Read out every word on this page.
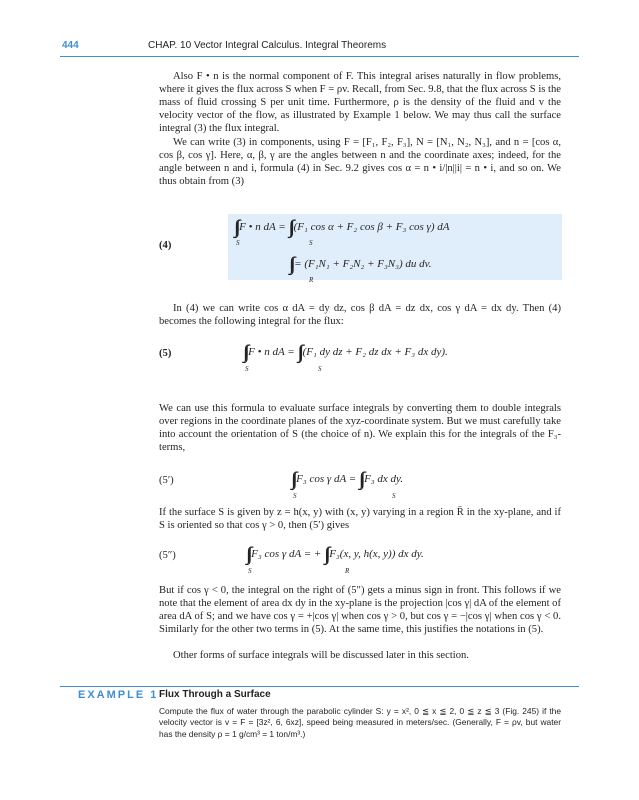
444	CHAP. 10 Vector Integral Calculus. Integral Theorems
Also F • n is the normal component of F. This integral arises naturally in flow problems, where it gives the flux across S when F = ρv. Recall, from Sec. 9.8, that the flux across S is the mass of fluid crossing S per unit time. Furthermore, ρ is the density of the fluid and v the velocity vector of the flow, as illustrated by Example 1 below. We may thus call the surface integral (3) the flux integral.
We can write (3) in components, using F = [F₁, F₂, F₃], N = [N₁, N₂, N₃], and n = [cos α, cos β, cos γ]. Here, α, β, γ are the angles between n and the coordinate axes; indeed, for the angle between n and i, formula (4) in Sec. 9.2 gives cos α = n • i/|n||i| = n • i, and so on. We thus obtain from (3)
(4)
∫∫ F • n dA = ∫∫ (F₁ cos α + F₂ cos β + F₃ cos γ) dA
S	S
∫∫ = (F₁N₁ + F₂N₂ + F₃N₃) du dv.
R
In (4) we can write cos α dA = dy dz, cos β dA = dz dx, cos γ dA = dx dy. Then (4) becomes the following integral for the flux:
(5)	∫∫ F • n dA = ∫∫ (F₁ dy dz + F₂ dz dx + F₃ dx dy).
S	S
We can use this formula to evaluate surface integrals by converting them to double integrals over regions in the coordinate planes of the xyz-coordinate system. But we must carefully take into account the orientation of S (the choice of n). We explain this for the integrals of the F₃-terms,
(5′)	∫∫ F₃ cos γ dA = ∫∫ F₃ dx dy.
S	S
If the surface S is given by z = h(x, y) with (x, y) varying in a region R̄ in the xy-plane, and if S is oriented so that cos γ > 0, then (5′) gives
(5″)	∫∫ F₃ cos γ dA = + ∫∫ F₃(x, y, h(x, y)) dx dy.
S	R
But if cos γ < 0, the integral on the right of (5″) gets a minus sign in front. This follows if we note that the element of area dx dy in the xy-plane is the projection |cos γ| dA of the element of area dA of S; and we have cos γ = +|cos γ| when cos γ > 0, but cos γ = −|cos γ| when cos γ < 0. Similarly for the other two terms in (5). At the same time, this justifies the notations in (5).
Other forms of surface integrals will be discussed later in this section.
EXAMPLE 1 Flux Through a Surface
Compute the flux of water through the parabolic cylinder S: y = x², 0 ≦ x ≦ 2, 0 ≦ z ≦ 3 (Fig. 245) if the velocity vector is v = F = [3z², 6, 6xz], speed being measured in meters/sec. (Generally, F = ρv, but water has the density ρ = 1 g/cm³ = 1 ton/m³.)
